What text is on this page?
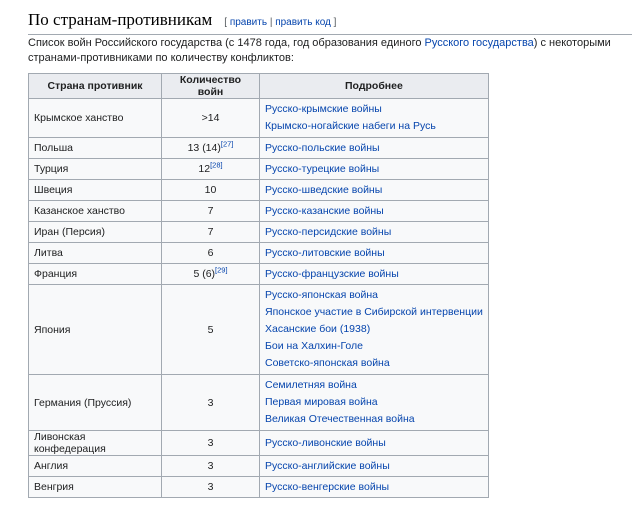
По странам-противникам [ править | править код ]

Список войн Российского государства (с 1478 года, год образования единого Русского государства) с некоторыми странами-противниками по количеству конфликтов:

Страна противник	Количество войн	Подробнее
Крымское ханство	>14	Русско-крымские войны
Крымско-ногайские набеги на Русь

Польша	13 (14)[27]	Русско-польские войны

Турция	12[28]	Русско-турецкие войны

Швеция	10	Русско-шведские войны

Казанское ханство	7	Русско-казанские войны

Иран (Персия)	7	Русско-персидские войны

Литва	6	Русско-литовские войны

Франция	5 (6)[29]	Русско-французские войны

Япония	5	Русско-японская война
Японское участие в Сибирской интервенции
Хасанские бои (1938)
Бои на Халхин-Голе
Советско-японская война

Германия (Пруссия)	3	Семилетняя война
Первая мировая война
Великая Отечественная война

Ливонская конфедерация	3	Русско-ливонские войны

Англия	3	Русско-английские войны

Венгрия	3	Русско-венгерские войны
